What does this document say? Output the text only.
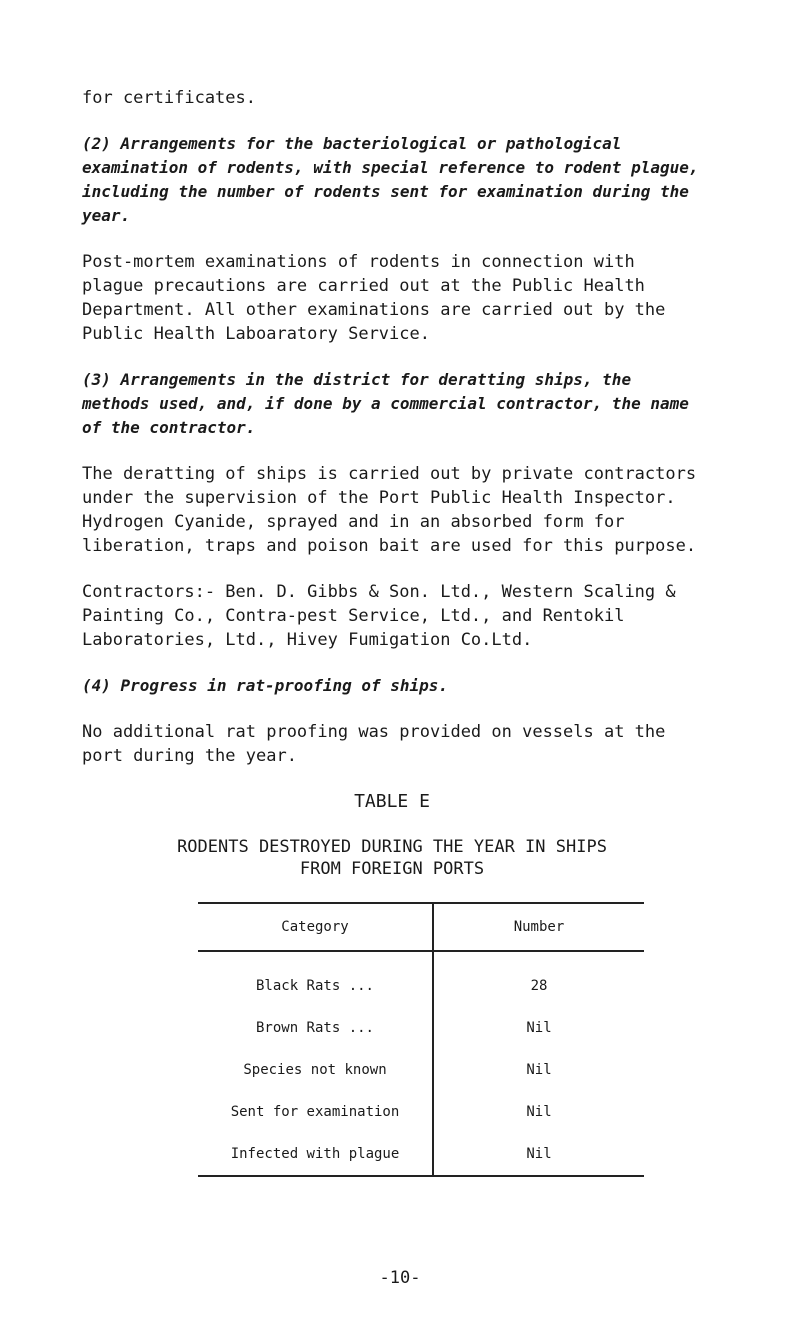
for certificates.

(2) Arrangements for the bacteriological or pathological examination of rodents, with special reference to rodent plague, including the number of rodents sent for examination during the year.

Post-mortem examinations of rodents in connection with plague precautions are carried out at the Public Health Department. All other examinations are carried out by the Public Health Laboaratory Service.

(3) Arrangements in the district for deratting ships, the methods used, and, if done by a commercial contractor, the name of the contractor.

The deratting of ships is carried out by private contractors under the supervision of the Port Public Health Inspector. Hydrogen Cyanide, sprayed and in an absorbed form for liberation, traps and poison bait are used for this purpose.

Contractors:- Ben. D. Gibbs & Son. Ltd., Western Scaling & Painting Co., Contra-pest Service, Ltd., and Rentokil Laboratories, Ltd., Hivey Fumigation Co.Ltd.

(4) Progress in rat-proofing of ships.

No additional rat proofing was provided on vessels at the port during the year.

TABLE E

RODENTS DESTROYED DURING THE YEAR IN SHIPS
FROM FOREIGN PORTS
Category	Number
Black Rats ...	28
Brown Rats ...	Nil
Species not known	Nil
Sent for examination	Nil
Infected with plague	Nil
-10-
